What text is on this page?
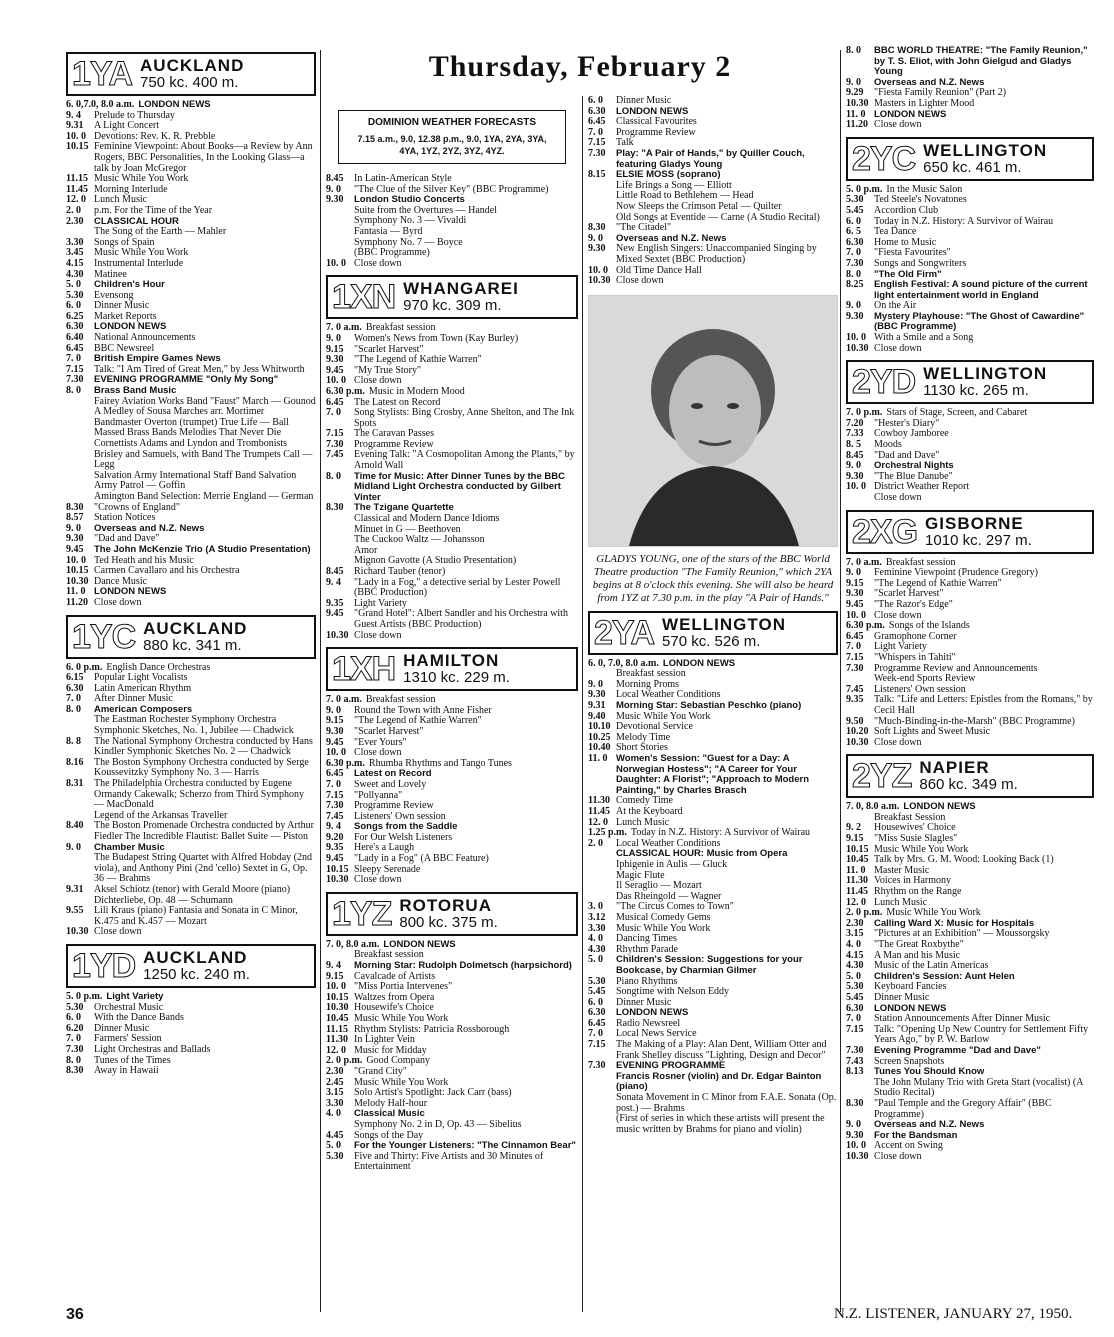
Thursday, February 2
1YA AUCKLAND
750 kc. 400 m.
6. 0,7.0, 8.0 a.m. LONDON NEWS
9. 4	Prelude to Thursday
9.31	A Light Concert
10. 0 Devotions: Rev. K. R. Prebble
10.15 Feminine Viewpoint: About Books—a Review by Ann Rogers, BBC Personalities, In the Looking Glass—a talk by Joan McGregor
11.15 Music While You Work
11.45 Morning Interlude
12. 0 Lunch Music
2. 0	p.m. For the Time of the Year
2.30	CLASSICAL HOUR
The Song of the Earth — Mahler
3.30	Songs of Spain
3.45	Music While You Work
4.15	Instrumental Interlude
4.30	Matinee
5. 0	Children's Hour
5.30	Evensong
6. 0	Dinner Music
6.25	Market Reports
6.30	LONDON NEWS
6.40	National Announcements
6.45	BBC Newsreel
7. 0	British Empire Games News
7.15	Talk: "I Am Tired of Great Men," by Jess Whitworth
7.30	EVENING PROGRAMME "Only My Song"
8. 0	Brass Band Music
Fairey Aviation Works Band "Faust" March — Gounod
A Medley of Sousa Marches arr. Mortimer
Bandmaster Overton (trumpet) True Life — Ball
Massed Brass Bands Melodies That Never Die
Cornettists Adams and Lyndon and Trombonists Brisley and Samuels, with Band The Trumpets Call — Legg
Salvation Army International Staff Band Salvation Army Patrol — Goffin
Amington Band Selection: Merrie England — German
8.30	"Crowns of England"
8.57	Station Notices
9. 0	Overseas and N.Z. News
9.30	"Dad and Dave"
9.45	The John McKenzie Trio (A Studio Presentation)
10. 0 Ted Heath and his Music
10.15 Carmen Cavallaro and his Orchestra
10.30 Dance Music
11. 0 LONDON NEWS
11.20 Close down
1YC AUCKLAND
880 kc. 341 m.
6. 0 p.m. English Dance Orchestras
6.15	Popular Light Vocalists
6.30	Latin American Rhythm
7. 0	After Dinner Music
8. 0	American Composers
The Eastman Rochester Symphony Orchestra Symphonic Sketches, No. 1, Jubilee — Chadwick
8. 8	The National Symphony Orchestra conducted by Hans Kindler Symphonic Sketches No. 2 — Chadwick
8.16	The Boston Symphony Orchestra conducted by Serge Koussevitzky Symphony No. 3 — Harris
8.31	The Philadelphia Orchestra conducted by Eugene Ormandy Cakewalk; Scherzo from Third Symphony — MacDonald
Legend of the Arkansas Traveller
8.40	The Boston Promenade Orchestra conducted by Arthur Fiedler The Incredible Flautist: Ballet Suite — Piston
9. 0	Chamber Music
The Budapest String Quartet with Alfred Hobday (2nd viola), and Anthony Pini (2nd 'cello) Sextet in G, Op. 36 — Brahms
9.31	Aksel Schiotz (tenor) with Gerald Moore (piano) Dichterliebe, Op. 48 — Schumann
9.55	Lili Kraus (piano) Fantasia and Sonata in C Minor, K.475 and K.457 — Mozart
10.30 Close down
1YD AUCKLAND
1250 kc. 240 m.
5. 0 p.m. Light Variety
5.30	Orchestral Music
6. 0	With the Dance Bands
6.20	Dinner Music
7. 0	Farmers' Session
7.30	Light Orchestras and Ballads
8. 0	Tunes of the Times
8.30	Away in Hawaii
DOMINION WEATHER FORECASTS
7.15 a.m., 9.0, 12.38 p.m., 9.0, 1YA, 2YA, 3YA, 4YA, 1YZ, 2YZ, 3YZ, 4YZ.
8.45	In Latin-American Style
9. 0	"The Clue of the Silver Key" (BBC Programme)
9.30	London Studio Concerts
Suite from the Overtures — Handel
Symphony No. 3 — Vivaldi
Fantasia — Byrd
Symphony No. 7 — Boyce
(BBC Programme)
10. 0 Close down
1XN WHANGAREI
970 kc. 309 m.
7. 0 a.m. Breakfast session
9. 0	Women's News from Town (Kay Burley)
9.15	"Scarlet Harvest"
9.30	"The Legend of Kathie Warren"
9.45	"My True Story"
10. 0 Close down
6.30 p.m. Music in Modern Mood
6.45	The Latest on Record
7. 0	Song Stylists: Bing Crosby, Anne Shelton, and The Ink Spots
7.15	The Caravan Passes
7.30	Programme Review
7.45	Evening Talk: "A Cosmopolitan Among the Plants," by Arnold Wall
8. 0	Time for Music: After Dinner Tunes by the BBC Midland Light Orchestra conducted by Gilbert Vinter
8.30	The Tzigane Quartette
Classical and Modern Dance Idioms
Minuet in G — Beethoven
The Cuckoo Waltz — Johansson
Amor
Mignon Gavotte (A Studio Presentation)
8.45	Richard Tauber (tenor)
9. 4	"Lady in a Fog," a detective serial by Lester Powell (BBC Production)
9.35	Light Variety
9.45	"Grand Hotel": Albert Sandler and his Orchestra with Guest Artists (BBC Production)
10.30 Close down
1XH HAMILTON
1310 kc. 229 m.
7. 0 a.m. Breakfast session
9. 0	Round the Town with Anne Fisher
9.15	"The Legend of Kathie Warren"
9.30	"Scarlet Harvest"
9.45	"Ever Yours"
10. 0 Close down
6.30 p.m. Rhumba Rhythms and Tango Tunes
6.45	Latest on Record
7. 0	Sweet and Lovely
7.15	"Pollyanna"
7.30	Programme Review
7.45	Listeners' Own session
9. 4	Songs from the Saddle
9.20	For Our Welsh Listeners
9.35	Here's a Laugh
9.45	"Lady in a Fog" (A BBC Feature)
10.15 Sleepy Serenade
10.30 Close down
1YZ ROTORUA
800 kc. 375 m.
7. 0, 8.0 a.m. LONDON NEWS
Breakfast session
9. 4	Morning Star: Rudolph Dolmetsch (harpsichord)
9.15	Cavalcade of Artists
10. 0 "Miss Portia Intervenes"
10.15 Waltzes from Opera
10.30 Housewife's Choice
10.45 Music While You Work
11.15 Rhythm Stylists: Patricia Rossborough
11.30 In Lighter Vein
12. 0 Music for Midday
2. 0 p.m. Good Company
2.30	"Grand City"
2.45	Music While You Work
3.15	Solo Artist's Spotlight: Jack Carr (bass)
3.30	Melody Half-hour
4. 0	Classical Music
Symphony No. 2 in D, Op. 43 — Sibelius
4.45	Songs of the Day
5. 0	For the Younger Listeners: "The Cinnamon Bear"
5.30	Five and Thirty: Five Artists and 30 Minutes of Entertainment
6. 0	Dinner Music
6.30	LONDON NEWS
6.45	Classical Favourites
7. 0	Programme Review
7.15	Talk
7.30	Play: "A Pair of Hands," by Quiller Couch, featuring Gladys Young
8.15	ELSIE MOSS (soprano)
Life Brings a Song — Elliott
Little Road to Bethlehem — Head
Now Sleeps the Crimson Petal — Quilter
Old Songs at Eventide — Carne (A Studio Recital)
8.30	"The Citadel"
9. 0	Overseas and N.Z. News
9.30	New English Singers: Unaccompanied Singing by Mixed Sextet (BBC Production)
10. 0 Old Time Dance Hall
10.30 Close down
GLADYS YOUNG, one of the stars of the BBC World Theatre production "The Family Reunion," which 2YA begins at 8 o'clock this evening. She will also be heard from 1YZ at 7.30 p.m. in the play "A Pair of Hands."
2YA WELLINGTON
570 kc. 526 m.
6. 0, 7.0, 8.0 a.m. LONDON NEWS
Breakfast session
9. 0	Morning Proms
9.30	Local Weather Conditions
9.31	Morning Star: Sebastian Peschko (piano)
9.40	Music While You Work
10.10 Devotional Service
10.25 Melody Time
10.40 Short Stories
11. 0 Women's Session: "Guest for a Day: A Norwegian Hostess"; "A Career for Your Daughter: A Florist"; "Approach to Modern Painting," by Charles Brasch
11.30 Comedy Time
11.45 At the Keyboard
12. 0 Lunch Music
1.25 p.m. Today in N.Z. History: A Survivor of Wairau
2. 0	Local Weather Conditions
CLASSICAL HOUR: Music from Opera
Iphigenie in Aulis — Gluck
Magic Flute
Il Seraglio — Mozart
Das Rheingold — Wagner
3. 0	"The Circus Comes to Town"
3.12	Musical Comedy Gems
3.30	Music While You Work
4. 0	Dancing Times
4.30	Rhythm Parade
5. 0	Children's Session: Suggestions for your Bookcase, by Charmian Gilmer
5.30	Piano Rhythms
5.45	Songtime with Nelson Eddy
6. 0	Dinner Music
6.30	LONDON NEWS
6.45	Radio Newsreel
7. 0	Local News Service
7.15	The Making of a Play: Alan Dent, William Otter and Frank Shelley discuss "Lighting, Design and Decor"
7.30	EVENING PROGRAMME
Francis Rosner (violin) and Dr. Edgar Bainton (piano)
Sonata Movement in C Minor from F.A.E. Sonata (Op. post.) — Brahms
(First of series in which these artists will present the music written by Brahms for piano and violin)
8. 0	BBC WORLD THEATRE: "The Family Reunion," by T. S. Eliot, with John Gielgud and Gladys Young
9. 0	Overseas and N.Z. News
9.29	"Fiesta Family Reunion" (Part 2)
10.30 Masters in Lighter Mood
11. 0 LONDON NEWS
11.20 Close down
2YC WELLINGTON
650 kc. 461 m.
5. 0 p.m. In the Music Salon
5.30	Ted Steele's Novatones
5.45	Accordion Club
6. 0	Today in N.Z. History: A Survivor of Wairau
6. 5	Tea Dance
6.30	Home to Music
7. 0	"Fiesta Favourites"
7.30	Songs and Songwriters
8. 0	"The Old Firm"
8.25	English Festival: A sound picture of the current light entertainment world in England
9. 0	On the Air
9.30	Mystery Playhouse: "The Ghost of Cawardine" (BBC Programme)
10. 0 With a Smile and a Song
10.30 Close down
2YD WELLINGTON
1130 kc. 265 m.
7. 0 p.m. Stars of Stage, Screen, and Cabaret
7.20	"Hester's Diary"
7.33	Cowboy Jamboree
8. 5	Moods
8.45	"Dad and Dave"
9. 0	Orchestral Nights
9.30	"The Blue Danube"
10. 0 District Weather Report
Close down
2XG GISBORNE
1010 kc. 297 m.
7. 0 a.m. Breakfast session
9. 0	Feminine Viewpoint (Prudence Gregory)
9.15	"The Legend of Kathie Warren"
9.30	"Scarlet Harvest"
9.45	"The Razor's Edge"
10. 0 Close down
6.30 p.m. Songs of the Islands
6.45	Gramophone Corner
7. 0	Light Variety
7.15	"Whispers in Tahiti"
7.30	Programme Review and Announcements
Week-end Sports Review
7.45	Listeners' Own session
9.35	Talk: "Life and Letters: Epistles from the Romans," by Cecil Hall
9.50	"Much-Binding-in-the-Marsh" (BBC Programme)
10.20 Soft Lights and Sweet Music
10.30 Close down
2YZ NAPIER
860 kc. 349 m.
7. 0, 8.0 a.m. LONDON NEWS
Breakfast Session
9. 2	Housewives' Choice
9.15	"Miss Susie Slagles"
10.15 Music While You Work
10.45 Talk by Mrs. G. M. Wood: Looking Back (1)
11. 0 Master Music
11.30 Voices in Harmony
11.45 Rhythm on the Range
12. 0 Lunch Music
2. 0 p.m. Music While You Work
2.30	Calling Ward X: Music for Hospitals
3.15	"Pictures at an Exhibition" — Moussorgsky
4. 0	"The Great Roxbythe"
4.15	A Man and his Music
4.30	Music of the Latin Americas
5. 0	Children's Session: Aunt Helen
5.30	Keyboard Fancies
5.45	Dinner Music
6.30	LONDON NEWS
7. 0	Station Announcements After Dinner Music
7.15	Talk: "Opening Up New Country for Settlement Fifty Years Ago," by P. W. Barlow
7.30	Evening Programme "Dad and Dave"
7.43	Screen Snapshots
8.13	Tunes You Should Know
The John Mulany Trio with Greta Start (vocalist) (A Studio Recital)
8.30	"Paul Temple and the Gregory Affair" (BBC Programme)
9. 0	Overseas and N.Z. News
9.30	For the Bandsman
10. 0 Accent on Swing
10.30 Close down
36	N.Z. LISTENER, JANUARY 27, 1950.
